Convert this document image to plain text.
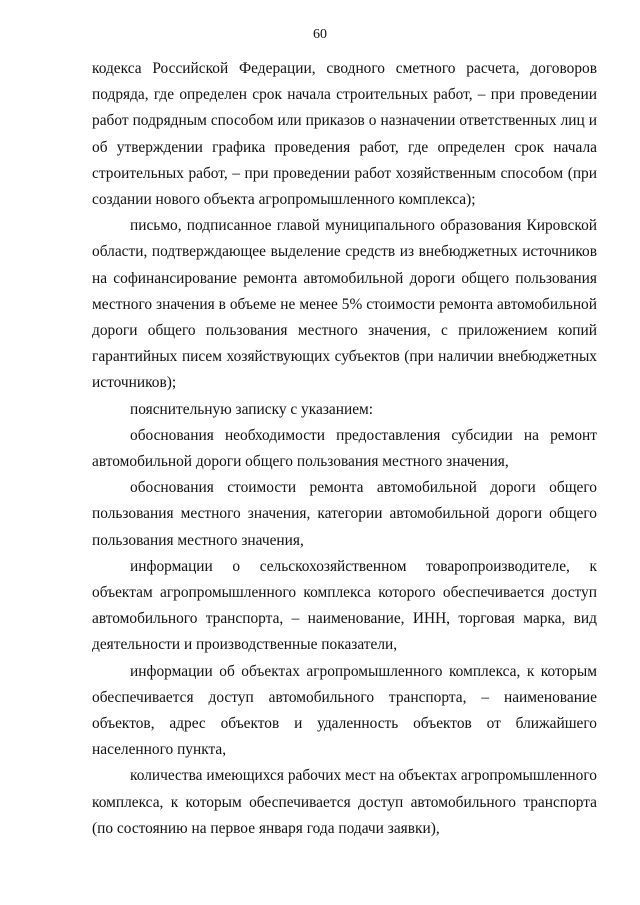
60

кодекса Российской Федерации, сводного сметного расчета, договоров подряда, где определен срок начала строительных работ, – при проведении работ подрядным способом или приказов о назначении ответственных лиц и об утверждении графика проведения работ, где определен срок начала строительных работ, – при проведении работ хозяйственным способом (при создании нового объекта агропромышленного комплекса);

письмо, подписанное главой муниципального образования Кировской области, подтверждающее выделение средств из внебюджетных источников на софинансирование ремонта автомобильной дороги общего пользования местного значения в объеме не менее 5% стоимости ремонта автомобильной дороги общего пользования местного значения, с приложением копий гарантийных писем хозяйствующих субъектов (при наличии внебюджетных источников);

пояснительную записку с указанием:

обоснования необходимости предоставления субсидии на ремонт автомобильной дороги общего пользования местного значения,

обоснования стоимости ремонта автомобильной дороги общего пользования местного значения, категории автомобильной дороги общего пользования местного значения,

информации о сельскохозяйственном товаропроизводителе, к объектам агропромышленного комплекса которого обеспечивается доступ автомобильного транспорта, – наименование, ИНН, торговая марка, вид деятельности и производственные показатели,

информации об объектах агропромышленного комплекса, к которым обеспечивается доступ автомобильного транспорта, – наименование объектов, адрес объектов и удаленность объектов от ближайшего населенного пункта,

количества имеющихся рабочих мест на объектах агропромышленного комплекса, к которым обеспечивается доступ автомобильного транспорта (по состоянию на первое января года подачи заявки),
